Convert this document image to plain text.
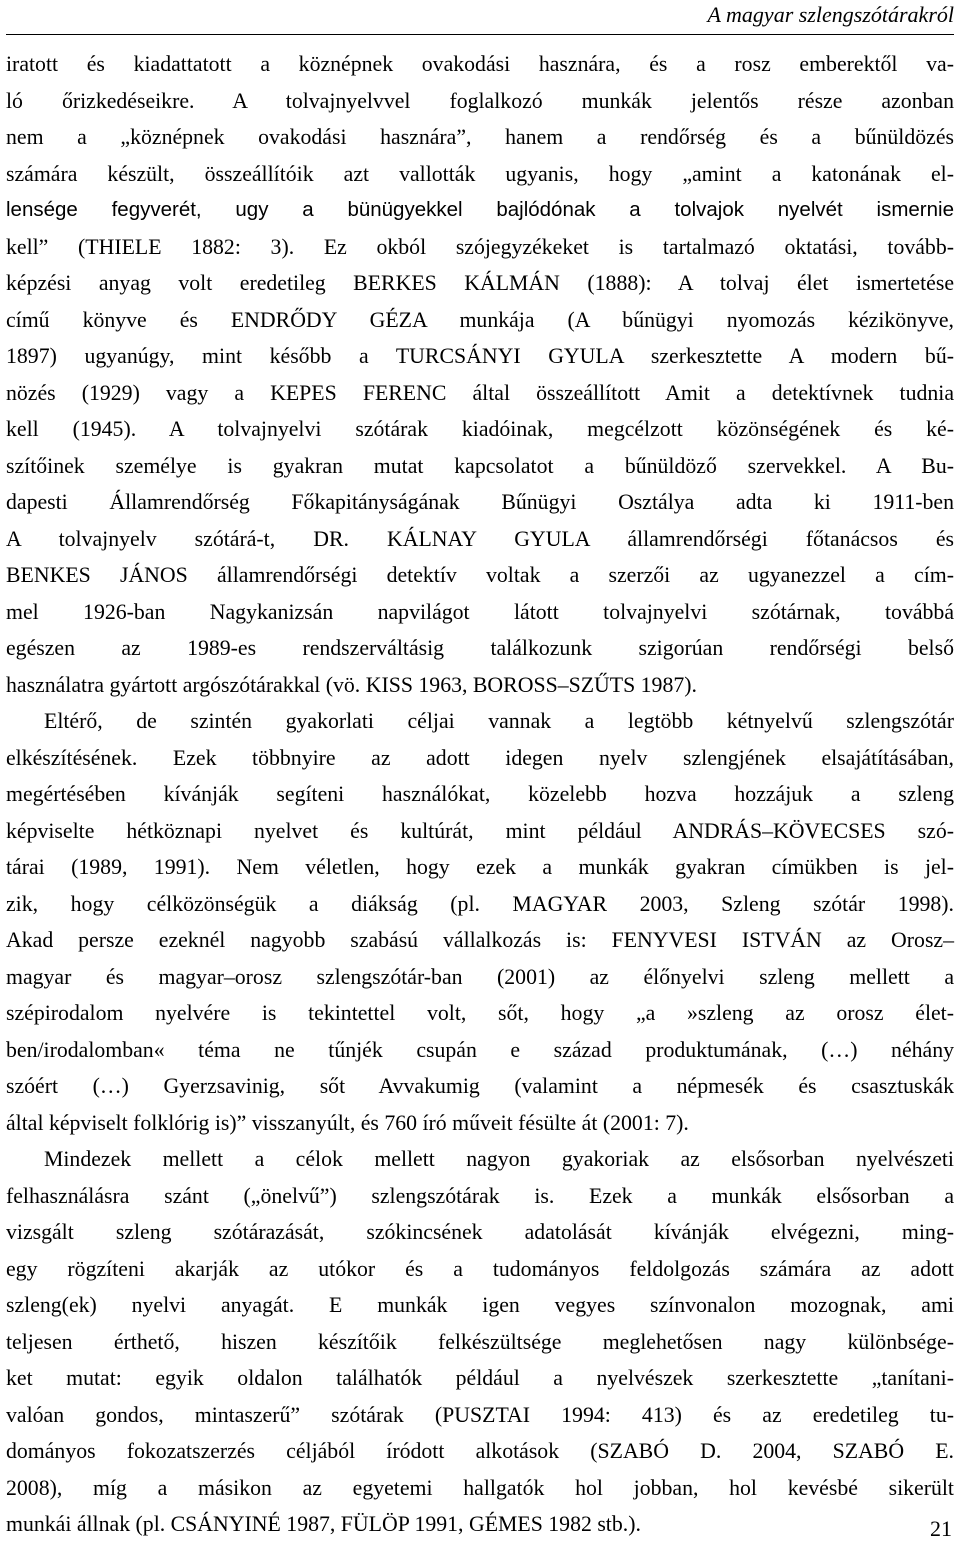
A magyar szlengszótárakról
iratott és kiadattatott a köznépnek ovakodási hasznára, és a rosz emberektől va-
ló őrizkedéseikre. A tolvajnyelvvel foglalkozó munkák jelentős része azonban
nem a „köznépnek ovakodási hasznára”, hanem a rendőrség és a bűnüldözés
számára készült, összeállítóik azt vallották ugyanis, hogy „amint a katonának el-
lensége fegyverét, ugy a bünügyekkel bajlódónak a tolvajok nyelvét ismernie
kell” (THIELE 1882: 3). Ez okból szójegyzékeket is tartalmazó oktatási, tovább-
képzési anyag volt eredetileg BERKES KÁLMÁN (1888): A tolvaj élet ismertetése
című könyve és ENDRŐDY GÉZA munkája (A bűnügyi nyomozás kézikönyve,
1897) ugyanúgy, mint később a TURCSÁNYI GYULA szerkesztette A modern bű-
nözés (1929) vagy a KEPES FERENC által összeállított Amit a detektívnek tudnia
kell (1945). A tolvajnyelvi szótárak kiadóinak, megcélzott közönségének és ké-
szítőinek személye is gyakran mutat kapcsolatot a bűnüldöző szervekkel. A Bu-
dapesti Államrendőrség Főkapitányságának Bűnügyi Osztálya adta ki 1911-ben
A tolvajnyelv szótárá-t, DR. KÁLNAY GYULA államrendőrségi főtanácsos és
BENKES JÁNOS államrendőrségi detektív voltak a szerzői az ugyanezzel a cím-
mel 1926-ban Nagykanizsán napvilágot látott tolvajnyelvi szótárnak, továbbá
egészen az 1989-es rendszerváltásig találkozunk szigorúan rendőrségi belső
használatra gyártott argószótárakkal (vö. KISS 1963, BOROSS–SZŰTS 1987).
Eltérő, de szintén gyakorlati céljai vannak a legtöbb kétnyelvű szlengszótár
elkészítésének. Ezek többnyire az adott idegen nyelv szlengjének elsajátításában,
megértésében kívánják segíteni használókat, közelebb hozva hozzájuk a szleng
képviselte hétköznapi nyelvet és kultúrát, mint például ANDRÁS–KÖVECSES szó-
tárai (1989, 1991). Nem véletlen, hogy ezek a munkák gyakran címükben is jel-
zik, hogy célközönségük a diákság (pl. MAGYAR 2003, Szleng szótár 1998).
Akad persze ezeknél nagyobb szabású vállalkozás is: FENYVESI ISTVÁN az Orosz–
magyar és magyar–orosz szlengszótár-ban (2001) az élőnyelvi szleng mellett a
szépirodalom nyelvére is tekintettel volt, sőt, hogy „a »szleng az orosz élet-
ben/irodalomban« téma ne tűnjék csupán e század produktumának, (…) néhány
szóért (…) Gyerzsavinig, sőt Avvakumig (valamint a népmesék és csasztuskák
által képviselt folklórig is)” visszanyúlt, és 760 író műveit fésülte át (2001: 7).
Mindezek mellett a célok mellett nagyon gyakoriak az elsősorban nyelvészeti
felhasználásra szánt („önelvű”) szlengszótárak is. Ezek a munkák elsősorban a
vizsgált szleng szótárazását, szókincsének adatolását kívánják elvégezni, ming-
egy rögzíteni akarják az utókor és a tudományos feldolgozás számára az adott
szleng(ek) nyelvi anyagát. E munkák igen vegyes színvonalon mozognak, ami
teljesen érthető, hiszen készítőik felkészültsége meglehetősen nagy különbsége-
ket mutat: egyik oldalon találhatók például a nyelvészek szerkesztette „tanítani-
valóan gondos, mintaszerű” szótárak (PUSZTAI 1994: 413) és az eredetileg tu-
dományos fokozatszerzés céljából íródott alkotások (SZABÓ D. 2004, SZABÓ E.
2008), míg a másikon az egyetemi hallgatók hol jobban, hol kevésbé sikerült
munkái állnak (pl. CSÁNYINÉ 1987, FÜLÖP 1991, GÉMES 1982 stb.).	21
